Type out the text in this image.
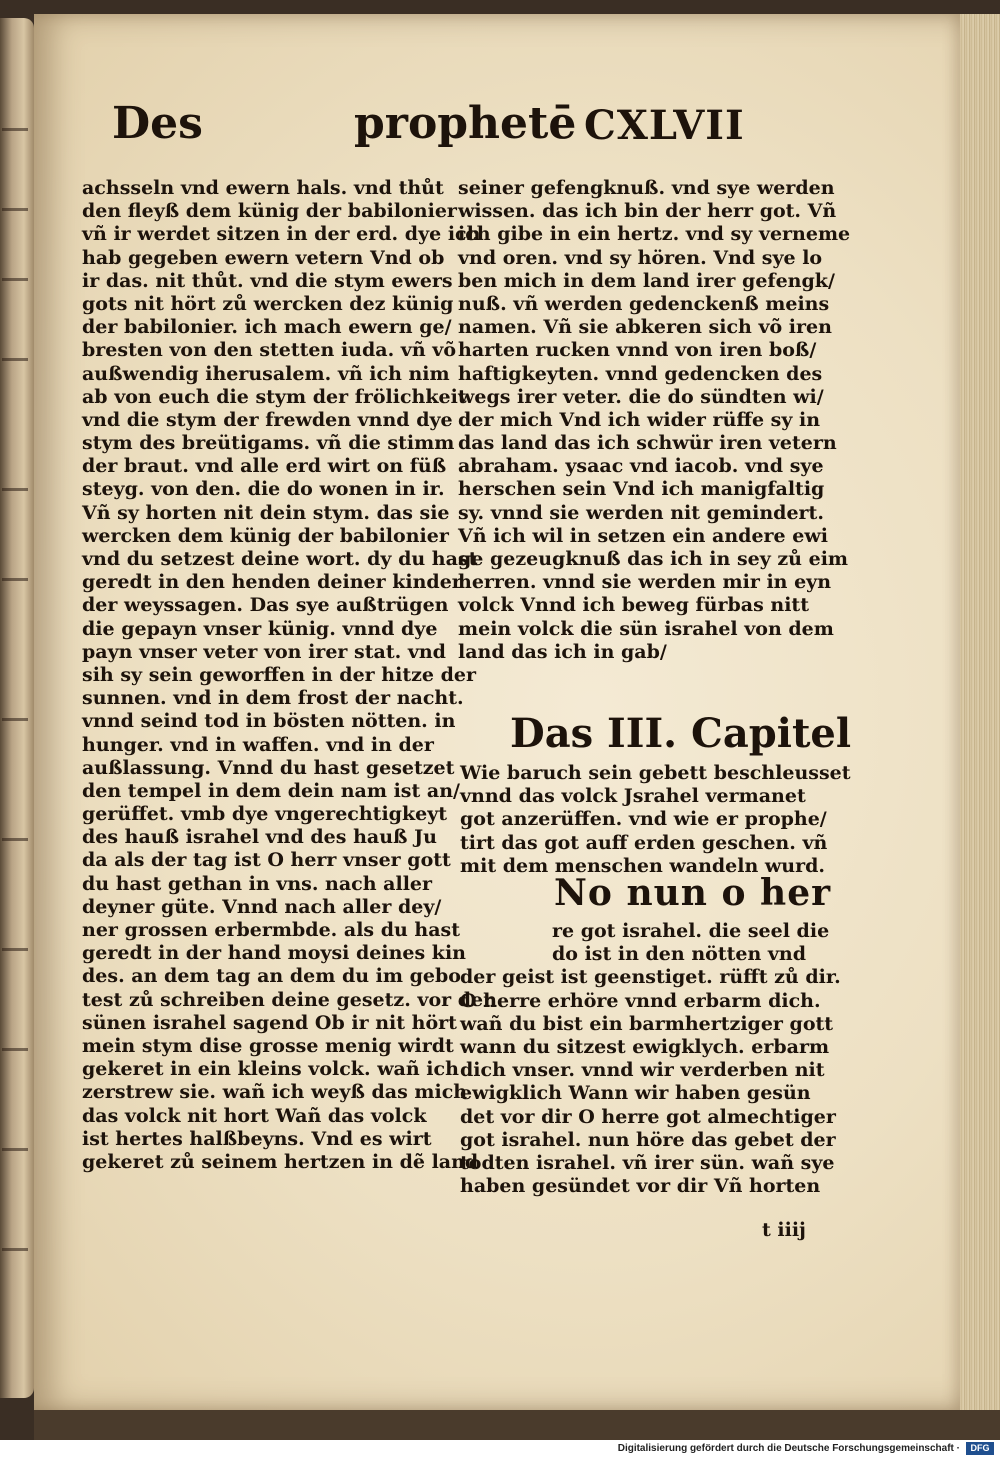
Des	prophetē CXLVII
achsseln vnd ewern hals. vnd thůt
den fleyß dem künig der babilonier
vñ ir werdet sitzen in der erd. dye ich
hab gegeben ewern vetern Vnd ob
ir das. nit thůt. vnd die stym ewers
gots nit hört zů wercken dez künig
der babilonier. ich mach ewern ge/
bresten von den stetten iuda. vñ võ
außwendig iherusalem. vñ ich nim
ab von euch die stym der frölichkeit
vnd die stym der frewden vnnd dye
stym des breütigams. vñ die stimm
der braut. vnd alle erd wirt on füß
steyg. von den. die do wonen in ir.
Vñ sy horten nit dein stym. das sie
wercken dem künig der babilonier
vnd du setzest deine wort. dy du hast
geredt in den henden deiner kinder
der weyssagen. Das sye außtrügen
die gepayn vnser künig. vnnd dye
payn vnser veter von irer stat. vnd
sih sy sein geworffen in der hitze der
sunnen. vnd in dem frost der nacht.
vnnd seind tod in bösten nötten. in
hunger. vnd in waffen. vnd in der
außlassung. Vnnd du hast gesetzet
den tempel in dem dein nam ist an/
gerüffet. vmb dye vngerechtigkeyt
des hauß israhel vnd des hauß Ju
da als der tag ist O herr vnser gott
du hast gethan in vns. nach aller
deyner güte. Vnnd nach aller dey/
ner grossen erbermbde. als du hast
geredt in der hand moysi deines kin
des. an dem tag an dem du im gebo
test zů schreiben deine gesetz. vor den
sünen israhel sagend Ob ir nit hört
mein stym dise grosse menig wirdt
gekeret in ein kleins volck. wañ ich
zerstrew sie. wañ ich weyß das mich
das volck nit hort Wañ das volck
ist hertes halßbeyns. Vnd es wirt
gekeret zů seinem hertzen in dẽ land
seiner gefengknuß. vnd sye werden
wissen. das ich bin der herr got. Vñ
ich gibe in ein hertz. vnd sy verneme
vnd oren. vnd sy hören. Vnd sye lo
ben mich in dem land irer gefengk/
nuß. vñ werden gedenckenß meins
namen. Vñ sie abkeren sich võ iren
harten rucken vnnd von iren boß/
haftigkeyten. vnnd gedencken des
wegs irer veter. die do sündten wi/
der mich Vnd ich wider rüffe sy in
das land das ich schwür iren vetern
abraham. ysaac vnd iacob. vnd sye
herschen sein Vnd ich manigfaltig
sy. vnnd sie werden nit gemindert.
Vñ ich wil in setzen ein andere ewi
ge gezeugknuß das ich in sey zů eim
herren. vnnd sie werden mir in eyn
volck Vnnd ich beweg fürbas nitt
mein volck die sün israhel von dem
land das ich in gab/
Das III. Capitel
Wie baruch sein gebett beschleusset
vnnd das volck Jsrahel vermanet
got anzerüffen. vnd wie er prophe/
tirt das got auff erden geschen. vñ
mit dem menschen wandeln wurd.
No nun o her
re got israhel. die seel die
do ist in den nötten vnd
der geist ist geenstiget. rüfft zů dir.
O herre erhöre vnnd erbarm dich.
wañ du bist ein barmhertziger gott
wann du sitzest ewigklych. erbarm
dich vnser. vnnd wir verderben nit
ewigklich Wann wir haben gesün
det vor dir O herre got almechtiger
got israhel. nun höre das gebet der
todten israhel. vñ irer sün. wañ sye
haben gesündet vor dir Vñ horten
t iiij
Digitalisierung gefördert durch die Deutsche Forschungsgemeinschaft ·	DFG
